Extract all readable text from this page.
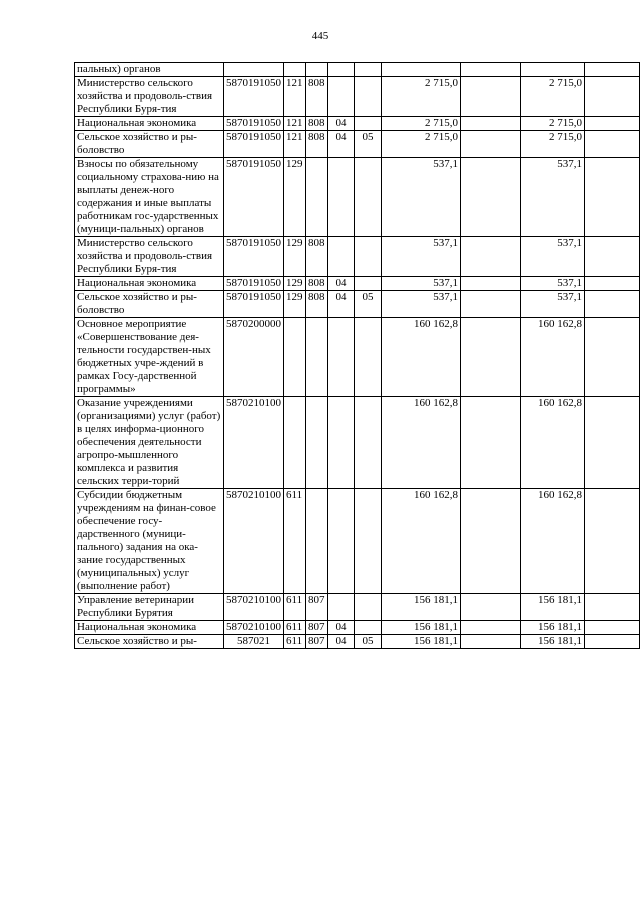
445
пальных) органов									
Министерство сельского хозяйства и продоволь-ствия Республики Буря-тия	5870191050	121	808			2 715,0		2 715,0	
Национальная экономика	5870191050	121	808	04		2 715,0		2 715,0	
Сельское хозяйство и ры-боловство	5870191050	121	808	04	05	2 715,0		2 715,0	
Взносы по обязательному социальному страхова-нию на выплаты денеж-ного содержания и иные выплаты работникам гос-ударственных (муници-пальных) органов	5870191050	129				537,1		537,1	
Министерство сельского хозяйства и продоволь-ствия Республики Буря-тия	5870191050	129	808			537,1		537,1	
Национальная экономика	5870191050	129	808	04		537,1		537,1	
Сельское хозяйство и ры-боловство	5870191050	129	808	04	05	537,1		537,1	
Основное мероприятие «Совершенствование дея-тельности государствен-ных бюджетных учре-ждений в рамках Госу-дарственной программы»	5870200000					160 162,8		160 162,8	
Оказание учреждениями (организациями) услуг (работ) в целях информа-ционного обеспечения деятельности агропро-мышленного комплекса и развития сельских терри-торий	5870210100					160 162,8		160 162,8	
Субсидии бюджетным учреждениям на финан-совое обеспечение госу-дарственного (муници-пального) задания на ока-зание государственных (муниципальных) услуг (выполнение работ)	5870210100	611				160 162,8		160 162,8	
Управление ветеринарии Республики Бурятия	5870210100	611	807			156 181,1		156 181,1	
Национальная экономика	5870210100	611	807	04		156 181,1		156 181,1	
Сельское хозяйство и ры-	587021	611	807	04	05	156 181,1		156 181,1	
